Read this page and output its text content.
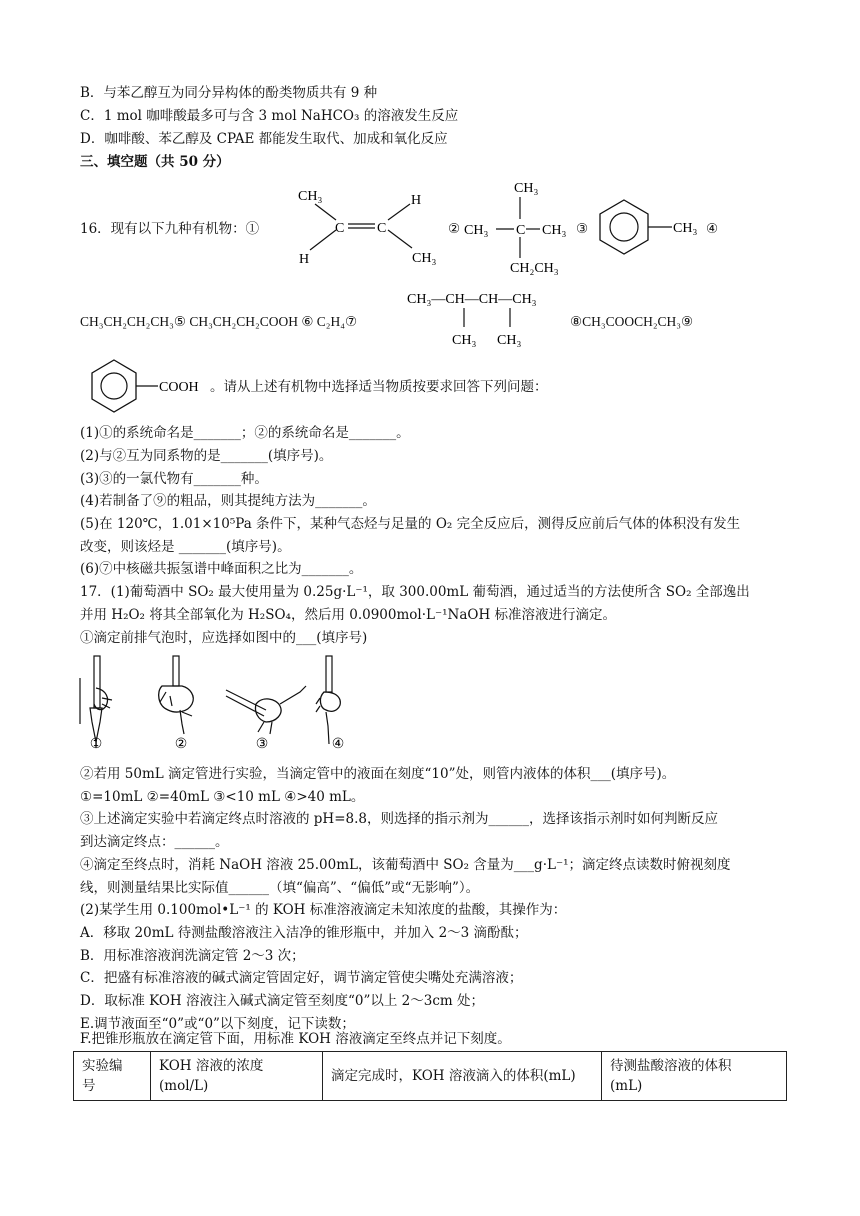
B．与苯乙醇互为同分异构体的酚类物质共有 9 种
C．1 mol 咖啡酸最多可与含 3 mol NaHCO₃ 的溶液发生反应
D．咖啡酸、苯乙醇及 CPAE 都能发生取代、加成和氧化反应
三、填空题（共 50 分）
16．现有以下九种有机物：①
CH₃
H
C C
H
CH₃
②
CH₃
CH₃ C CH₃
CH₂CH₃
③	CH₃ ④
CH₃CH₂CH₂CH₃⑤ CH₃CH₂CH₂COOH ⑥ C₂H₄⑦
CH₃—CH—CH—CH₃
CH₃ CH₃
⑧CH₃COOCH₂CH₃⑨
COOH 。请从上述有机物中选择适当物质按要求回答下列问题：
(1)①的系统命名是_______；②的系统命名是_______。
(2)与②互为同系物的是_______(填序号)。
(3)③的一氯代物有_______种。
(4)若制备了⑨的粗品，则其提纯方法为_______。
(5)在 120℃，1.01×10⁵Pa 条件下，某种气态烃与足量的 O₂ 完全反应后，测得反应前后气体的体积没有发生
改变，则该烃是 _______(填序号)。
(6)⑦中核磁共振氢谱中峰面积之比为_______。
17．(1)葡萄酒中 SO₂ 最大使用量为 0.25g·L⁻¹，取 300.00mL 葡萄酒，通过适当的方法使所含 SO₂ 全部逸出
并用 H₂O₂ 将其全部氧化为 H₂SO₄，然后用 0.0900mol·L⁻¹NaOH 标准溶液进行滴定。
①滴定前排气泡时，应选择如图中的___(填序号)
①	②	③	④
②若用 50mL 滴定管进行实验，当滴定管中的液面在刻度“10”处，则管内液体的体积___(填序号)。
①=10mL ②=40mL ③<10 mL ④>40 mL。
③上述滴定实验中若滴定终点时溶液的 pH=8.8，则选择的指示剂为______，选择该指示剂时如何判断反应
到达滴定终点：______。
④滴定至终点时，消耗 NaOH 溶液 25.00mL，该葡萄酒中 SO₂ 含量为___g·L⁻¹；滴定终点读数时俯视刻度
线，则测量结果比实际值______（填“偏高”、“偏低”或“无影响”）。
(2)某学生用 0.100mol•L⁻¹ 的 KOH 标准溶液滴定未知浓度的盐酸，其操作为：
A．移取 20mL 待测盐酸溶液注入洁净的锥形瓶中，并加入 2～3 滴酚酞；
B．用标准溶液润洗滴定管 2～3 次；
C．把盛有标准溶液的碱式滴定管固定好，调节滴定管使尖嘴处充满溶液；
D．取标准 KOH 溶液注入碱式滴定管至刻度“0”以上 2～3cm 处；
E.调节液面至“0”或“0”以下刻度，记下读数；
F.把锥形瓶放在滴定管下面，用标准 KOH 溶液滴定至终点并记下刻度。
实验编
号	KOH 溶液的浓度
(mol/L)	滴定完成时，KOH 溶液滴入的体积(mL)	待测盐酸溶液的体积
(mL)
